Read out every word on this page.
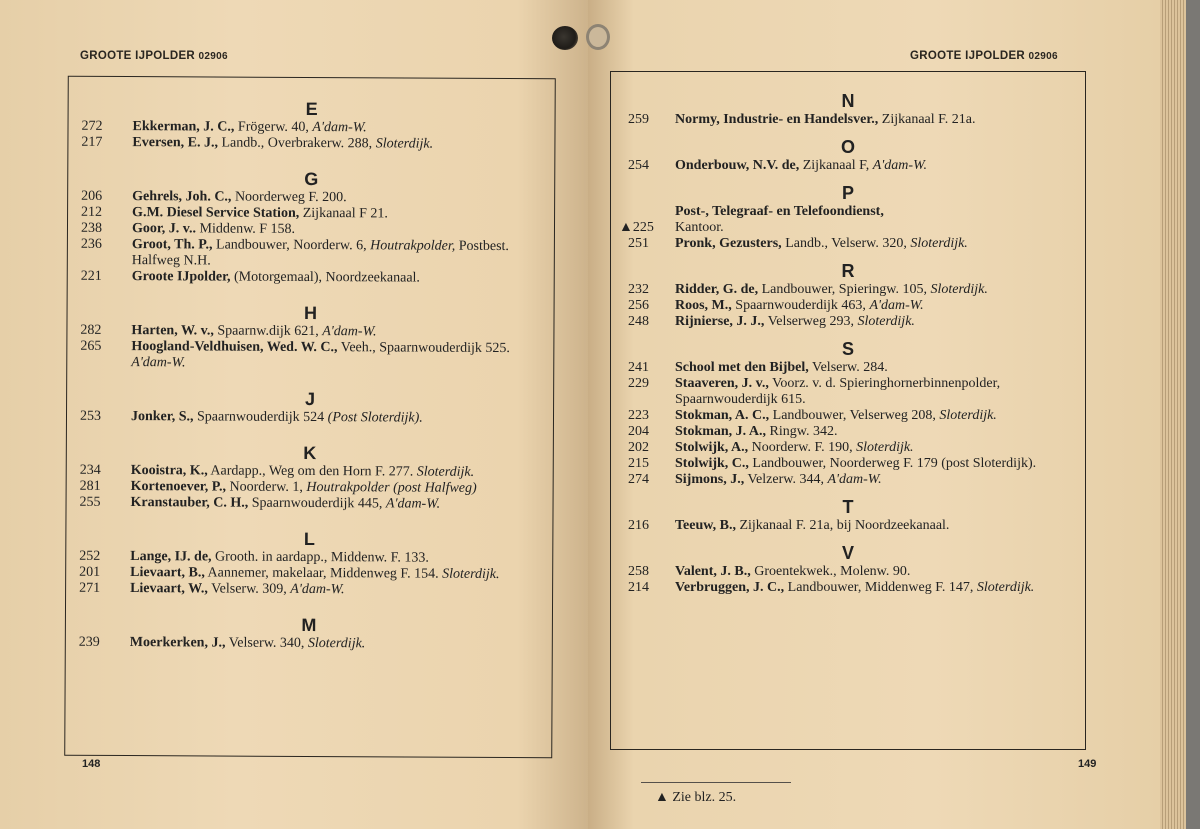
GROOTE IJPOLDER 02906
E
272 Ekkerman, J. C., Frögerw. 40, A'dam-W.
217 Eversen, E. J., Landb., Overbrakerw. 288, Sloterdijk.
G
206 Gehrels, Joh. C., Noorderweg F. 200.
212 G.M. Diesel Service Station, Zijkanaal F 21.
238 Goor, J. v.. Middenw. F 158.
236 Groot, Th. P., Landbouwer, Noorderw. 6, Houtrakpolder, Postbest. Halfweg N.H.
221 Groote IJpolder, (Motorgemaal), Noordzeekanaal.
H
282 Harten, W. v., Spaarnw.dijk 621, A'dam-W.
265 Hoogland-Veldhuisen, Wed. W. C., Veeh., Spaarnwouderdijk 525. A'dam-W.
J
253 Jonker, S., Spaarnwouderdijk 524 (Post Sloterdijk).
K
234 Kooistra, K., Aardapp., Weg om den Horn F. 277. Sloterdijk.
281 Kortenoever, P., Noorderw. 1, Houtrakpolder (post Halfweg)
255 Kranstauber, C. H., Spaarnwouderdijk 445, A'dam-W.
L
252 Lange, IJ. de, Grooth. in aardapp., Middenw. F. 133.
201 Lievaart, B., Aannemer, makelaar, Middenweg F. 154. Sloterdijk.
271 Lievaart, W., Velserw. 309, A'dam-W.
M
239 Moerkerken, J., Velserw. 340, Sloterdijk.
148
GROOTE IJPOLDER 02906
N
259 Normy, Industrie- en Handelsver., Zijkanaal F. 21a.
O
254 Onderbouw, N.V. de, Zijkanaal F, A'dam-W.
P
Post-, Telegraaf- en Telefoondienst,
▲225 Kantoor.
251 Pronk, Gezusters, Landb., Velserw. 320, Sloterdijk.
R
232 Ridder, G. de, Landbouwer, Spieringw. 105, Sloterdijk.
256 Roos, M., Spaarnwouderdijk 463, A'dam-W.
248 Rijnierse, J. J., Velserweg 293, Sloterdijk.
S
241 School met den Bijbel, Velserw. 284.
229 Staaveren, J. v., Voorz. v. d. Spieringhornerbinnenpolder, Spaarnwouderdijk 615.
223 Stokman, A. C., Landbouwer, Velserweg 208, Sloterdijk.
204 Stokman, J. A., Ringw. 342.
202 Stolwijk, A., Noorderw. F. 190, Sloterdijk.
215 Stolwijk, C., Landbouwer, Noorderweg F. 179 (post Sloterdijk).
274 Sijmons, J., Velzerw. 344, A'dam-W.
T
216 Teeuw, B., Zijkanaal F. 21a, bij Noordzeekanaal.
V
258 Valent, J. B., Groentekwek., Molenw. 90.
214 Verbruggen, J. C., Landbouwer, Middenweg F. 147, Sloterdijk.
▲ Zie blz. 25.
149
